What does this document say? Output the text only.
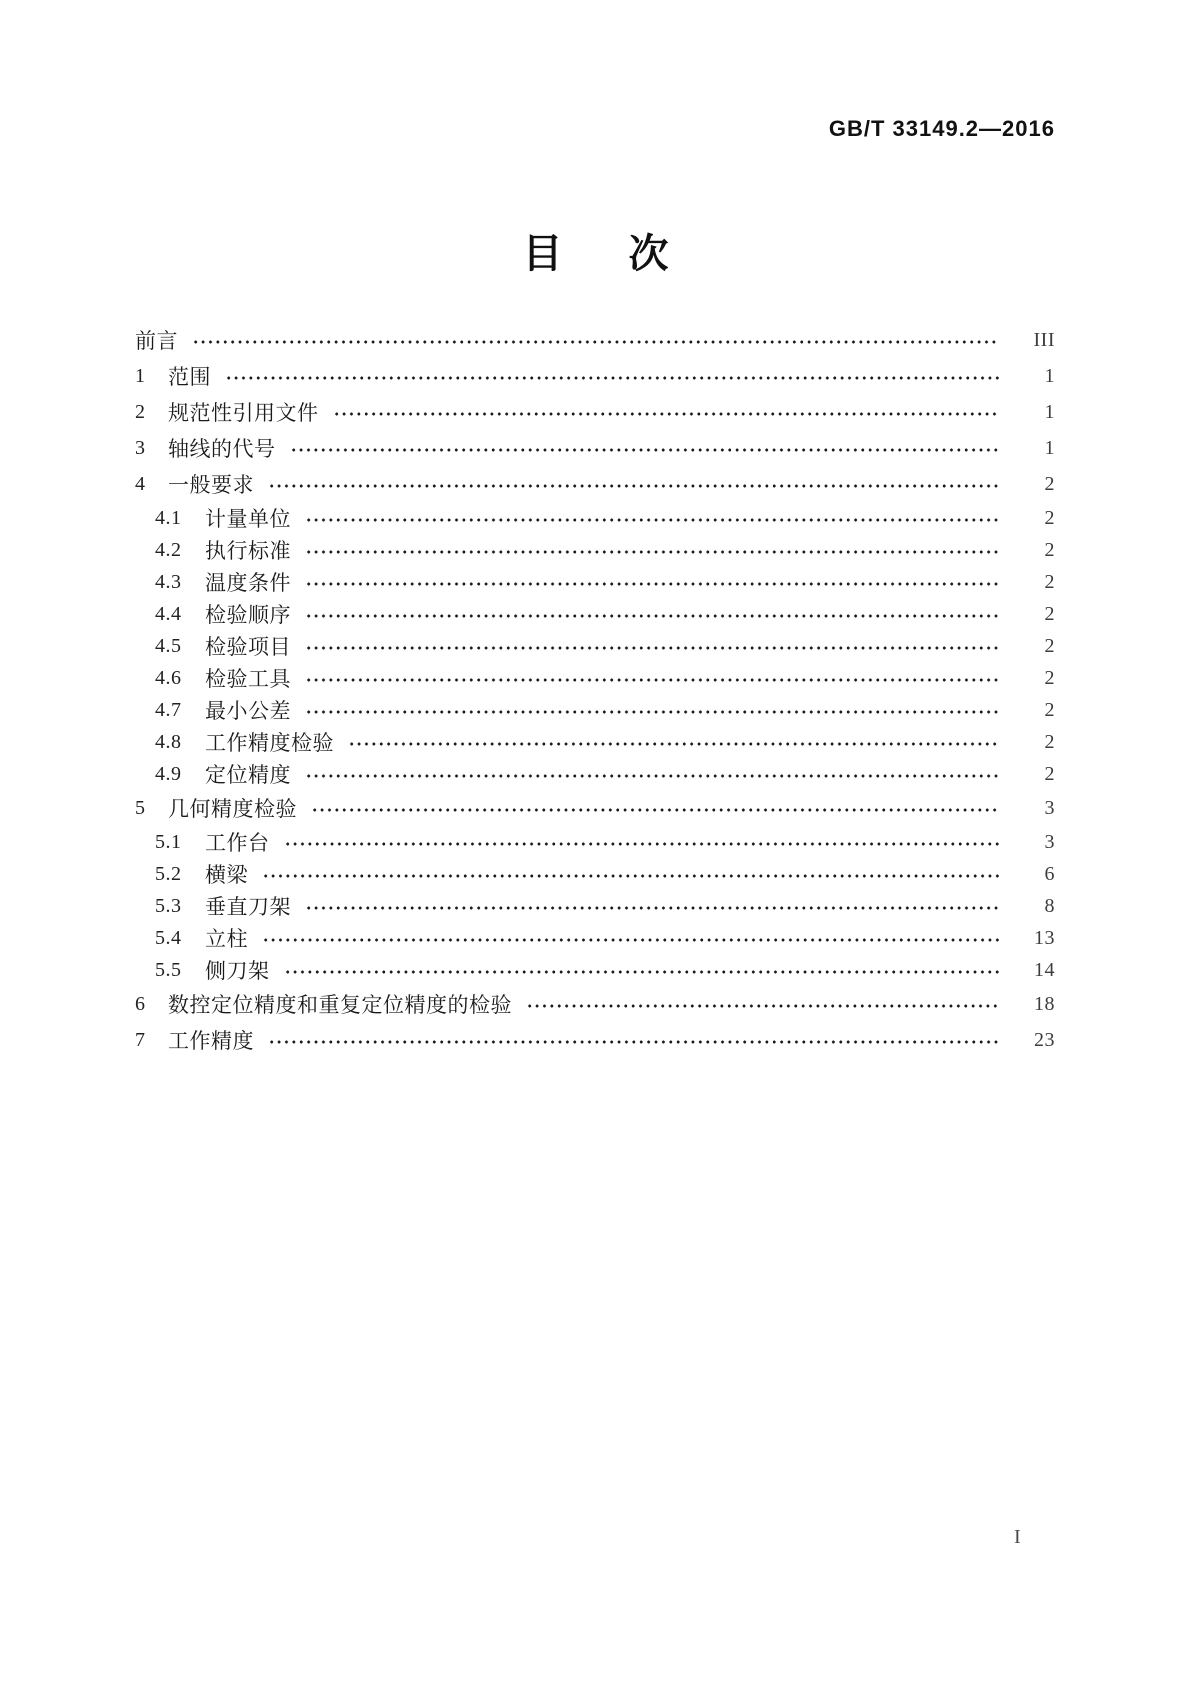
GB/T 33149.2—2016
目 次
前言	III
1	范围	1
2	规范性引用文件	1
3	轴线的代号	1
4	一般要求	2
4.1	计量单位	2
4.2	执行标准	2
4.3	温度条件	2
4.4	检验顺序	2
4.5	检验项目	2
4.6	检验工具	2
4.7	最小公差	2
4.8	工作精度检验	2
4.9	定位精度	2
5	几何精度检验	3
5.1	工作台	3
5.2	横梁	6
5.3	垂直刀架	8
5.4	立柱	13
5.5	侧刀架	14
6	数控定位精度和重复定位精度的检验	18
7	工作精度	23
I
